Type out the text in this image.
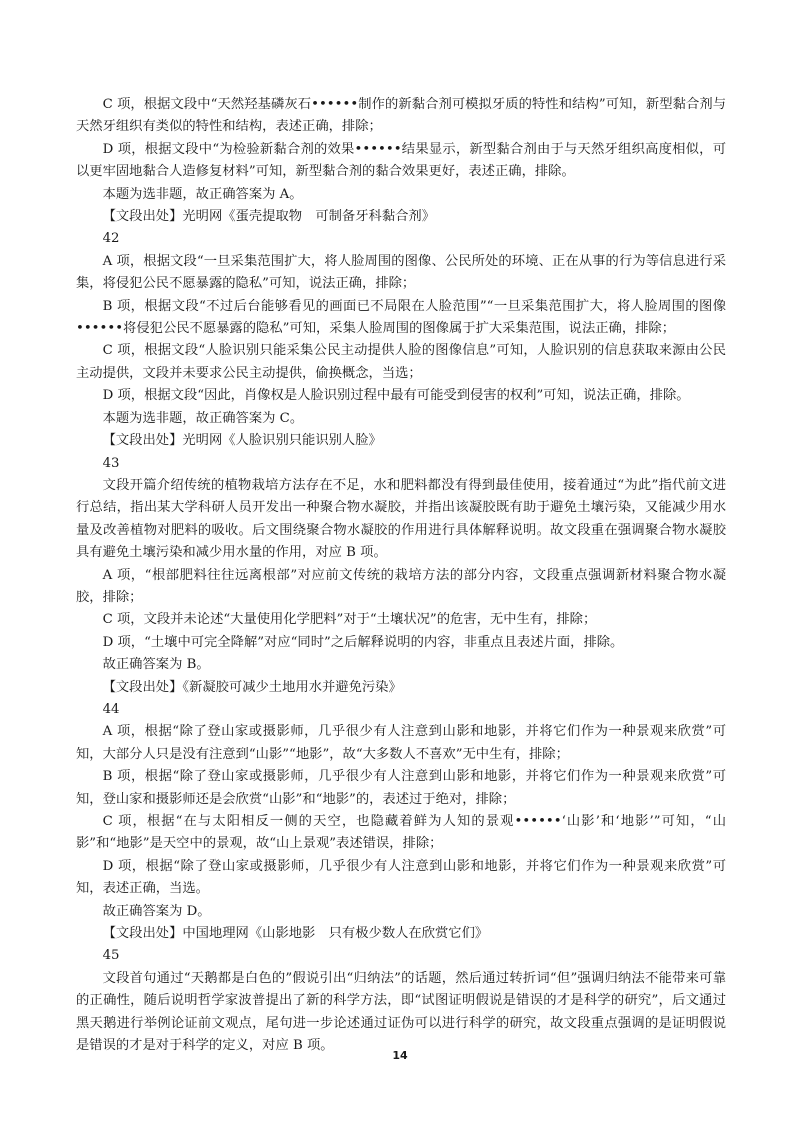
C 项，根据文段中“天然羟基磷灰石••••••制作的新黏合剂可模拟牙质的特性和结构”可知，新型黏合剂与天然牙组织有类似的特性和结构，表述正确，排除；

D 项，根据文段中“为检验新黏合剂的效果••••••结果显示，新型黏合剂由于与天然牙组织高度相似，可以更牢固地黏合人造修复材料”可知，新型黏合剂的黏合效果更好，表述正确，排除。

本题为选非题，故正确答案为 A。

【文段出处】光明网《蛋壳提取物　可制备牙科黏合剂》

42

A 项，根据文段“一旦采集范围扩大，将人脸周围的图像、公民所处的环境、正在从事的行为等信息进行采集，将侵犯公民不愿暴露的隐私”可知，说法正确，排除；

B 项，根据文段“不过后台能够看见的画面已不局限在人脸范围”“一旦采集范围扩大，将人脸周围的图像••••••将侵犯公民不愿暴露的隐私”可知，采集人脸周围的图像属于扩大采集范围，说法正确，排除；

C 项，根据文段“人脸识别只能采集公民主动提供人脸的图像信息”可知，人脸识别的信息获取来源由公民主动提供，文段并未要求公民主动提供，偷换概念，当选；

D 项，根据文段“因此，肖像权是人脸识别过程中最有可能受到侵害的权利”可知，说法正确，排除。

本题为选非题，故正确答案为 C。

【文段出处】光明网《人脸识别只能识别人脸》

43

文段开篇介绍传统的植物栽培方法存在不足，水和肥料都没有得到最佳使用，接着通过“为此”指代前文进行总结，指出某大学科研人员开发出一种聚合物水凝胶，并指出该凝胶既有助于避免土壤污染，又能减少用水量及改善植物对肥料的吸收。后文围绕聚合物水凝胶的作用进行具体解释说明。故文段重在强调聚合物水凝胶具有避免土壤污染和减少用水量的作用，对应 B 项。

A 项，“根部肥料往往远离根部”对应前文传统的栽培方法的部分内容，文段重点强调新材料聚合物水凝胶，排除；

C 项，文段并未论述“大量使用化学肥料”对于“土壤状况”的危害，无中生有，排除；

D 项，“土壤中可完全降解”对应“同时”之后解释说明的内容，非重点且表述片面，排除。

故正确答案为 B。

【文段出处】《新凝胶可减少土地用水并避免污染》

44

A 项，根据“除了登山家或摄影师，几乎很少有人注意到山影和地影，并将它们作为一种景观来欣赏”可知，大部分人只是没有注意到“山影”“地影”，故“大多数人不喜欢”无中生有，排除；

B 项，根据“除了登山家或摄影师，几乎很少有人注意到山影和地影，并将它们作为一种景观来欣赏”可知，登山家和摄影师还是会欣赏“山影”和“地影”的，表述过于绝对，排除；

C 项，根据“在与太阳相反一侧的天空，也隐藏着鲜为人知的景观••••••‘山影’和‘地影’”可知，“山影”和“地影”是天空中的景观，故“山上景观”表述错误，排除；

D 项，根据“除了登山家或摄影师，几乎很少有人注意到山影和地影，并将它们作为一种景观来欣赏”可知，表述正确，当选。

故正确答案为 D。

【文段出处】中国地理网《山影地影　只有极少数人在欣赏它们》

45

文段首句通过“天鹅都是白色的”假说引出“归纳法”的话题，然后通过转折词“但”强调归纳法不能带来可靠的正确性，随后说明哲学家波普提出了新的科学方法，即“试图证明假说是错误的才是科学的研究”，后文通过黑天鹅进行举例论证前文观点，尾句进一步论述通过证伪可以进行科学的研究，故文段重点强调的是证明假说是错误的才是对于科学的定义，对应 B 项。

14
